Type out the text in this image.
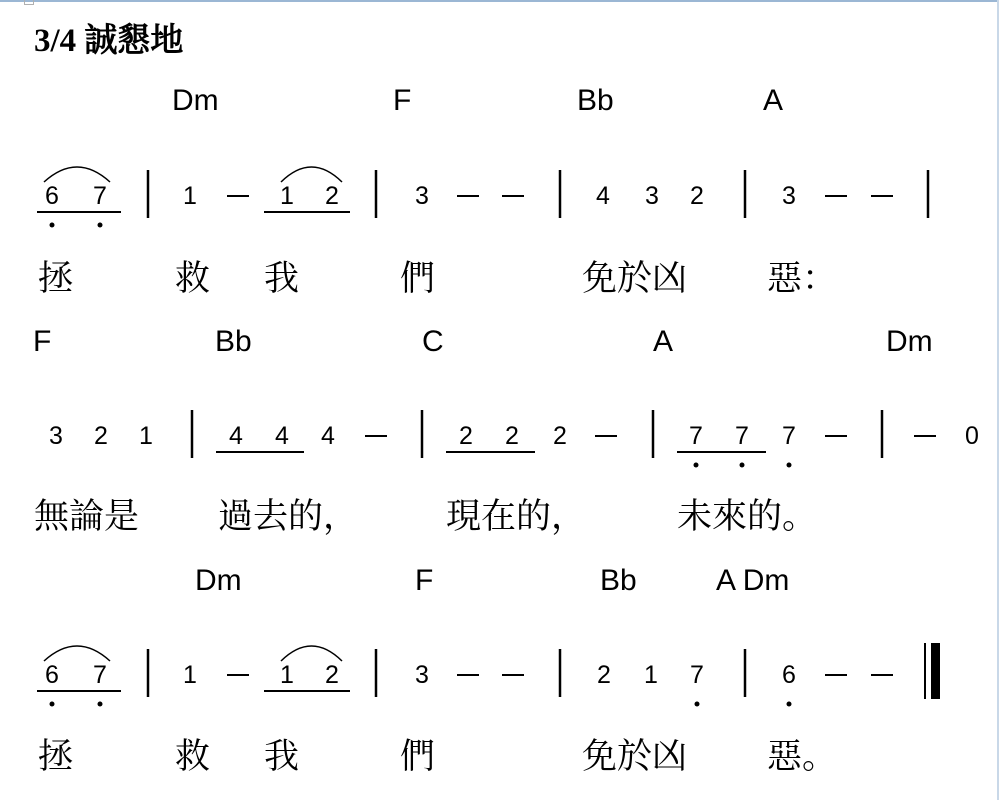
3/4 誠懇地
Dm	F	Bb	A
6 7	1	1 2	3	4 3 2	3
拯	救 我	們	免於凶 惡：
F	Bb	C	A	Dm
3 2 1	4 4 4	2 2 2	7 7 7	0
無論是 過去的，	現在的，	未來的。
Dm	F	Bb	A Dm
6 7	1	1 2	3	2 1 7	6
拯	救 我	們	免於凶 惡。
